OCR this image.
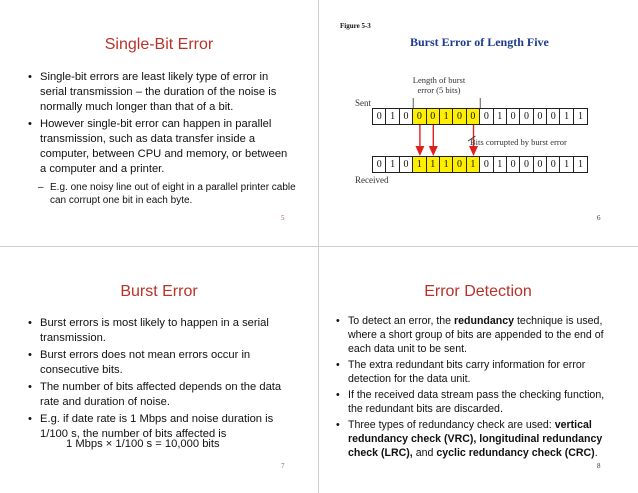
Single-Bit Error
• Single-bit errors are least likely type of error in serial transmission – the duration of the noise is normally much longer than that of a bit.
• However single-bit error can happen in parallel transmission, such as data transfer inside a computer, between CPU and memory, or between a computer and a printer.
– E.g. one noisy line out of eight in a parallel printer cable can corrupt one bit in each byte.
5
Figure 5-3
Burst Error of Length Five
Length of burst
error (5 bits)
Sent
0 1 0 0 0 1 0 0 0 1 0 0 0 0 1 1
Bits corrupted by burst error
0 1 0 1 1 1 0 1 0 1 0 0 0 0 1 1
Received
6
Burst Error
• Burst errors is most likely to happen in a serial transmission.
• Burst errors does not mean errors occur in consecutive bits.
• The number of bits affected depends on the data rate and duration of noise.
• E.g. if date rate is 1 Mbps and noise duration is 1/100 s, the number of bits affected is
1 Mbps × 1/100 s = 10,000 bits
7
Error Detection
• To detect an error, the redundancy technique is used, where a short group of bits are appended to the end of each data unit to be sent.
• The extra redundant bits carry information for error detection for the data unit.
• If the received data stream pass the checking function, the redundant bits are discarded.
• Three types of redundancy check are used: vertical redundancy check (VRC), longitudinal redundancy check (LRC), and cyclic redundancy check (CRC).
8
